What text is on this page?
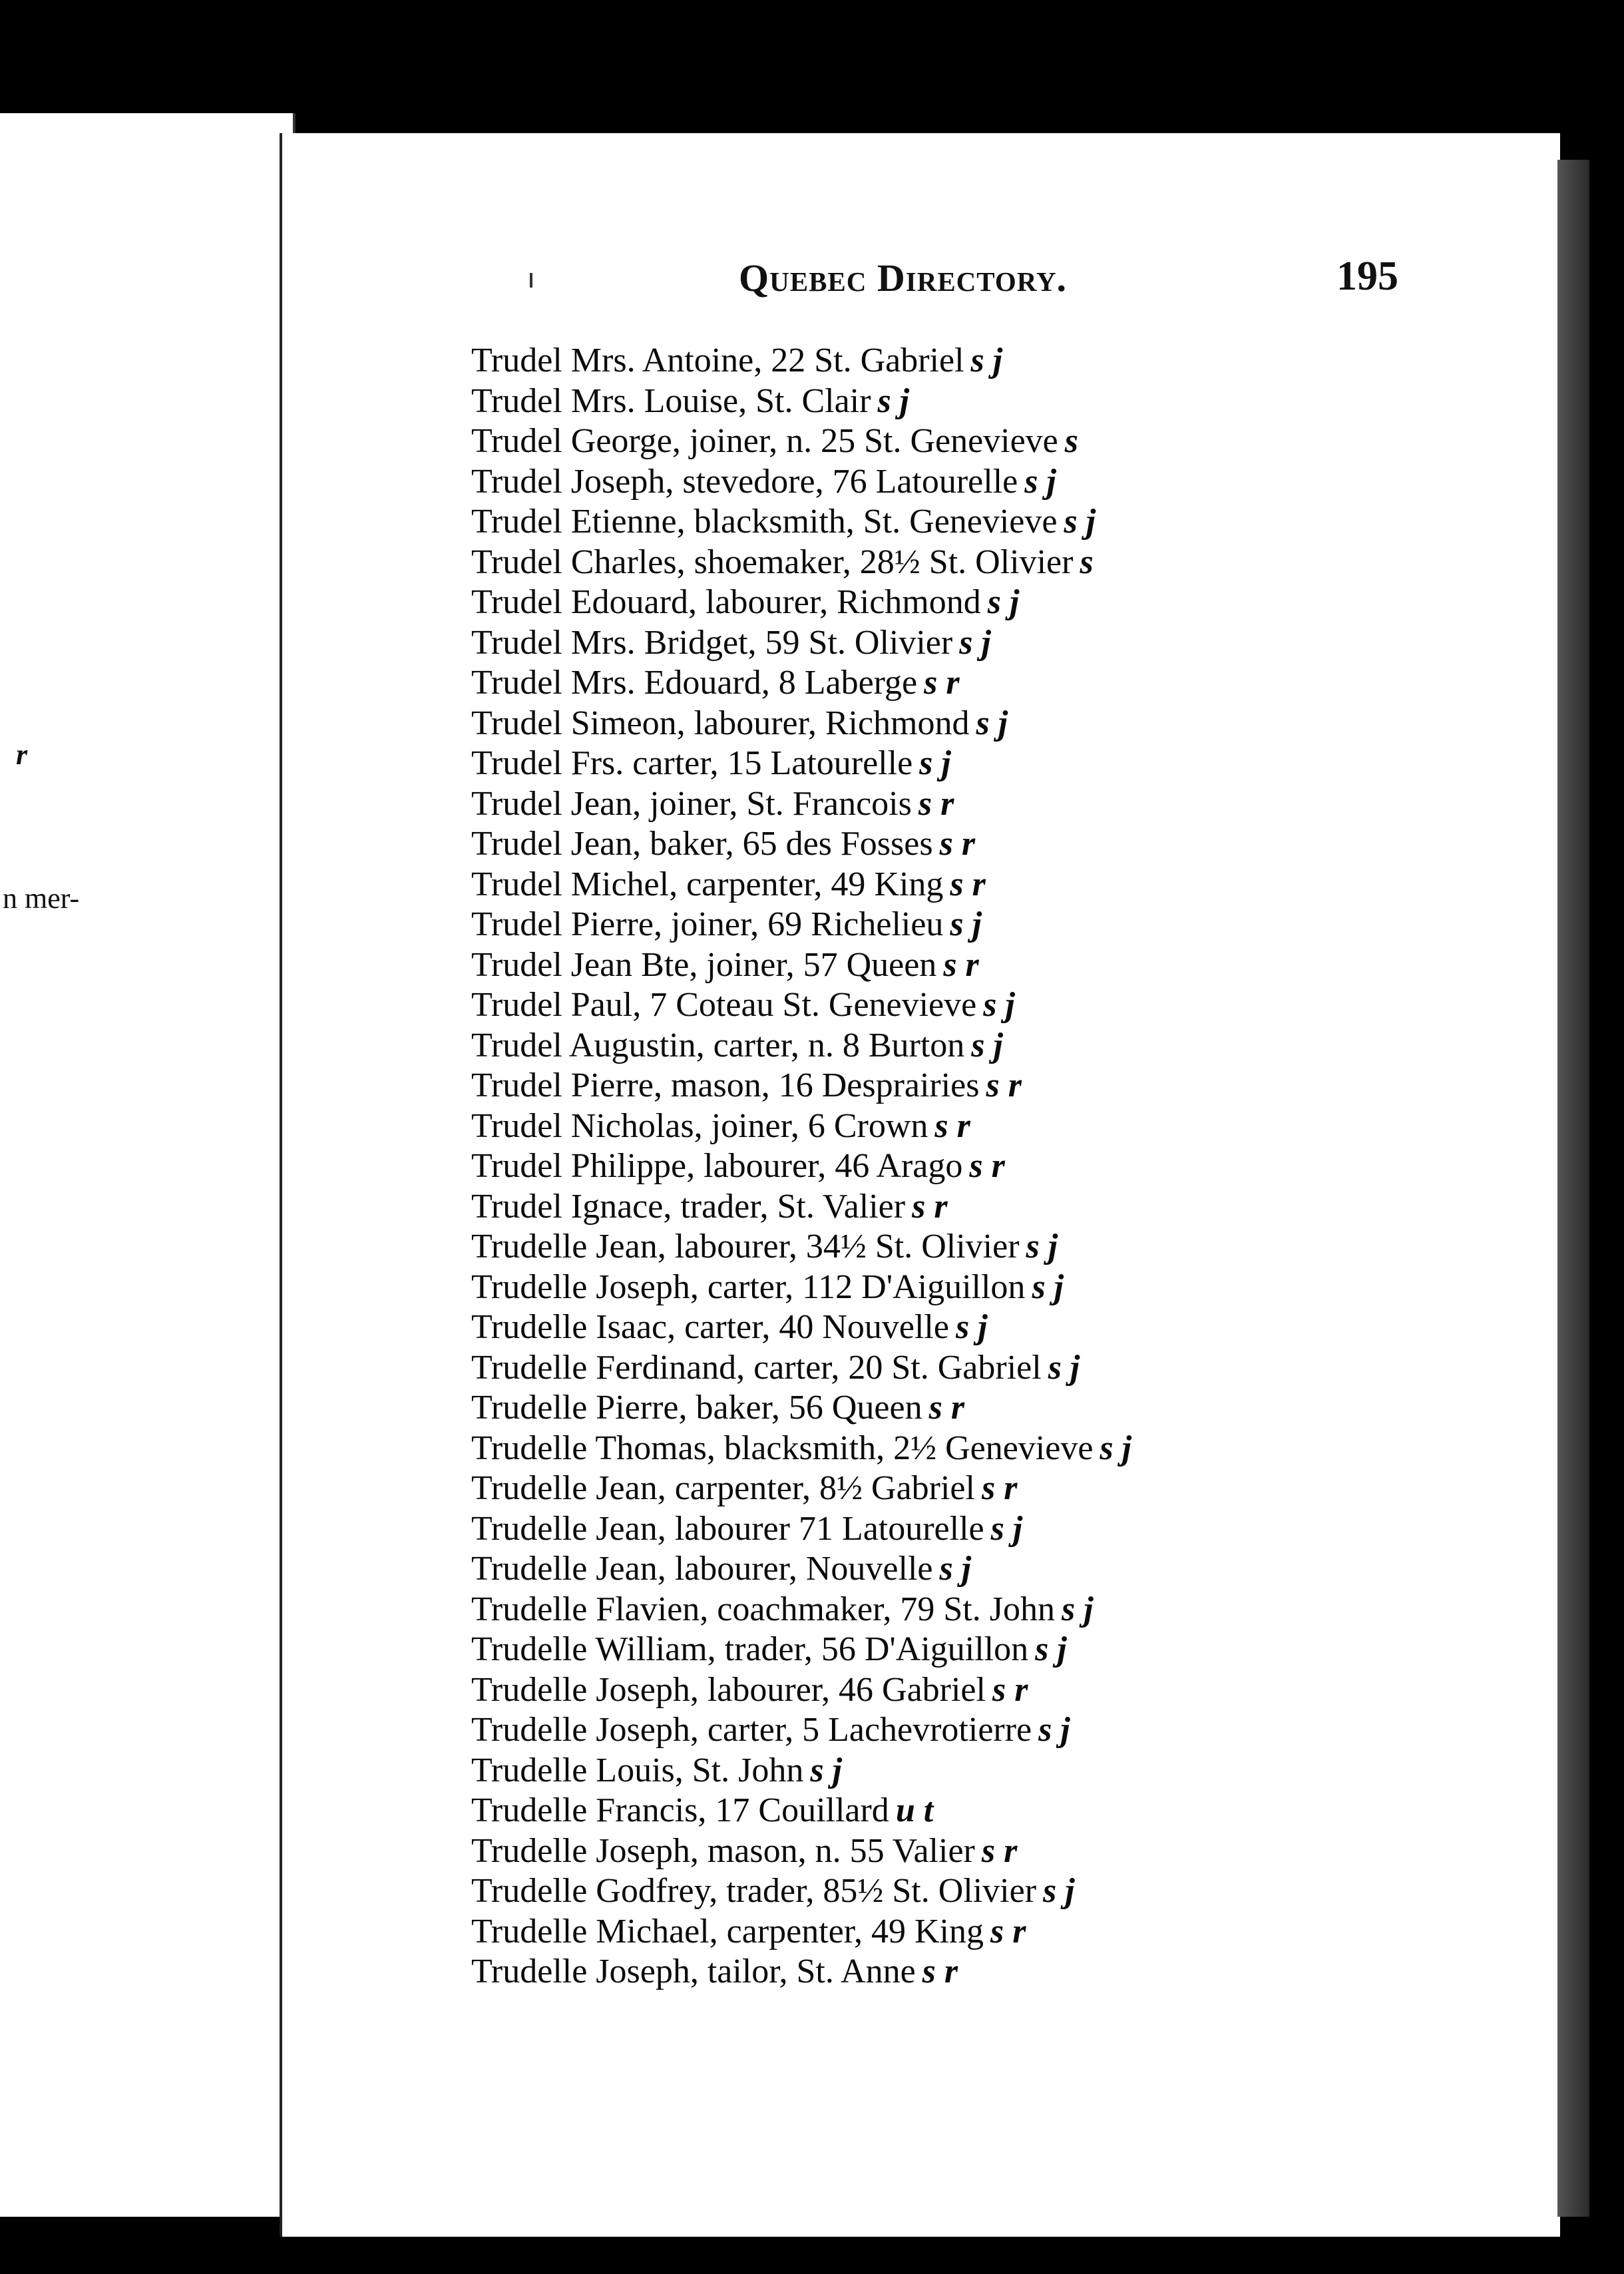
r
n mer-
Quebec Directory.	195
Trudel Mrs. Antoine, 22 St. Gabriel s j
Trudel Mrs. Louise, St. Clair s j
Trudel George, joiner, n. 25 St. Genevieve s
Trudel Joseph, stevedore, 76 Latourelle s j
Trudel Etienne, blacksmith, St. Genevieve s j
Trudel Charles, shoemaker, 28½ St. Olivier s
Trudel Edouard, labourer, Richmond s j
Trudel Mrs. Bridget, 59 St. Olivier s j
Trudel Mrs. Edouard, 8 Laberge s r
Trudel Simeon, labourer, Richmond s j
Trudel Frs. carter, 15 Latourelle s j
Trudel Jean, joiner, St. Francois s r
Trudel Jean, baker, 65 des Fosses s r
Trudel Michel, carpenter, 49 King s r
Trudel Pierre, joiner, 69 Richelieu s j
Trudel Jean Bte, joiner, 57 Queen s r
Trudel Paul, 7 Coteau St. Genevieve s j
Trudel Augustin, carter, n. 8 Burton s j
Trudel Pierre, mason, 16 Desprairies s r
Trudel Nicholas, joiner, 6 Crown s r
Trudel Philippe, labourer, 46 Arago s r
Trudel Ignace, trader, St. Valier s r
Trudelle Jean, labourer, 34½ St. Olivier s j
Trudelle Joseph, carter, 112 D'Aiguillon s j
Trudelle Isaac, carter, 40 Nouvelle s j
Trudelle Ferdinand, carter, 20 St. Gabriel s j
Trudelle Pierre, baker, 56 Queen s r
Trudelle Thomas, blacksmith, 2½ Genevieve s j
Trudelle Jean, carpenter, 8½ Gabriel s r
Trudelle Jean, labourer 71 Latourelle s j
Trudelle Jean, labourer, Nouvelle s j
Trudelle Flavien, coachmaker, 79 St. John s j
Trudelle William, trader, 56 D'Aiguillon s j
Trudelle Joseph, labourer, 46 Gabriel s r
Trudelle Joseph, carter, 5 Lachevrotierre s j
Trudelle Louis, St. John s j
Trudelle Francis, 17 Couillard u t
Trudelle Joseph, mason, n. 55 Valier s r
Trudelle Godfrey, trader, 85½ St. Olivier s j
Trudelle Michael, carpenter, 49 King s r
Trudelle Joseph, tailor, St. Anne s r
